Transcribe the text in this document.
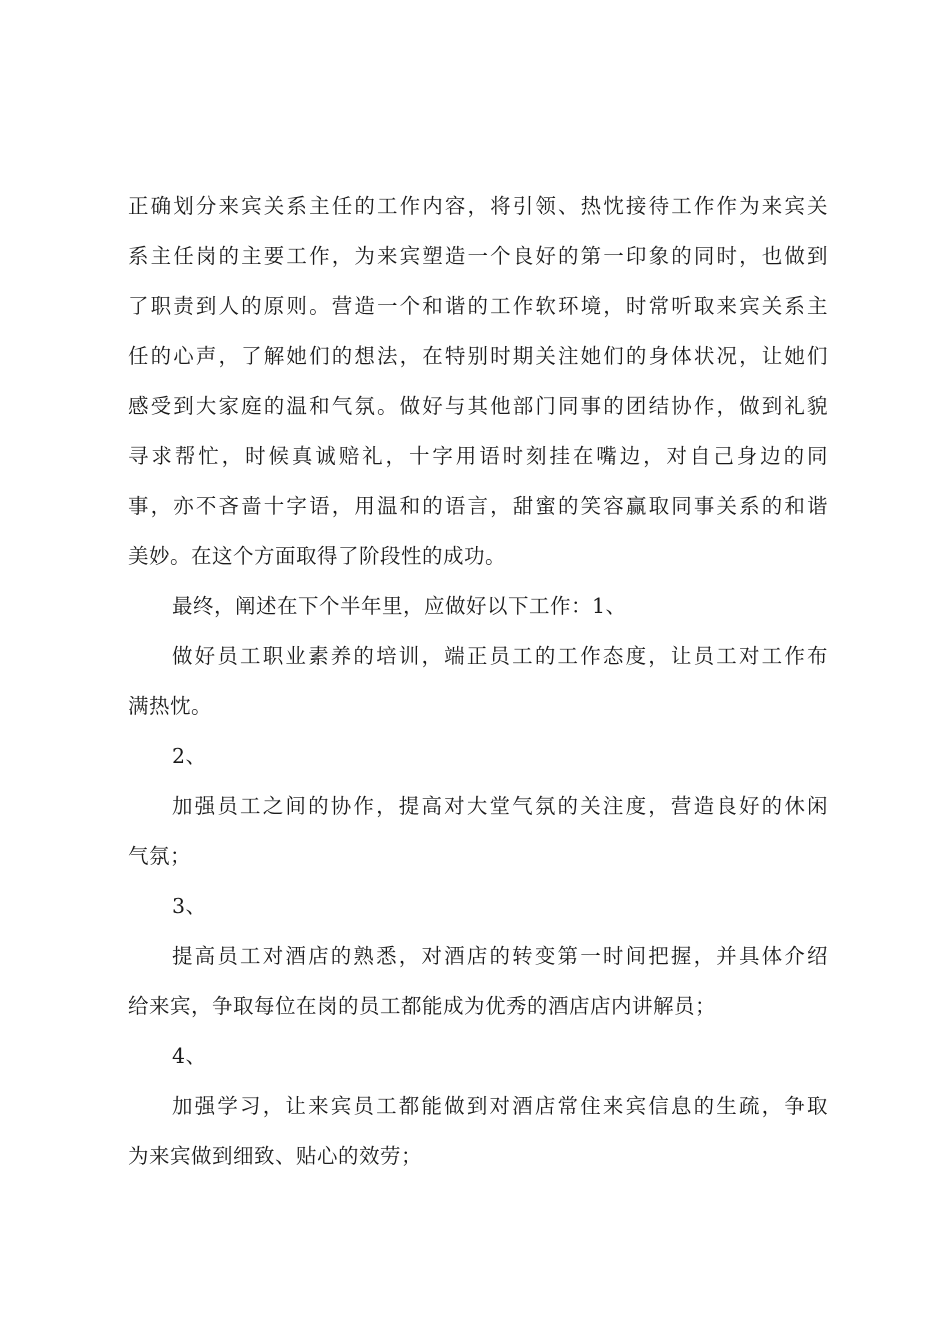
正确划分来宾关系主任的工作内容，将引领、热忱接待工作作为来宾关
系主任岗的主要工作，为来宾塑造一个良好的第一印象的同时，也做到
了职责到人的原则。营造一个和谐的工作软环境，时常听取来宾关系主
任的心声，了解她们的想法，在特别时期关注她们的身体状况，让她们
感受到大家庭的温和气氛。做好与其他部门同事的团结协作，做到礼貌
寻求帮忙，时候真诚赔礼，十字用语时刻挂在嘴边，对自己身边的同
事，亦不吝啬十字语，用温和的语言，甜蜜的笑容赢取同事关系的和谐
美妙。在这个方面取得了阶段性的成功。
最终，阐述在下个半年里，应做好以下工作：1、
做好员工职业素养的培训，端正员工的工作态度，让员工对工作布
满热忱。
2、
加强员工之间的协作，提高对大堂气氛的关注度，营造良好的休闲
气氛；
3、
提高员工对酒店的熟悉，对酒店的转变第一时间把握，并具体介绍
给来宾，争取每位在岗的员工都能成为优秀的酒店店内讲解员；
4、
加强学习，让来宾员工都能做到对酒店常住来宾信息的生疏，争取
为来宾做到细致、贴心的效劳；
